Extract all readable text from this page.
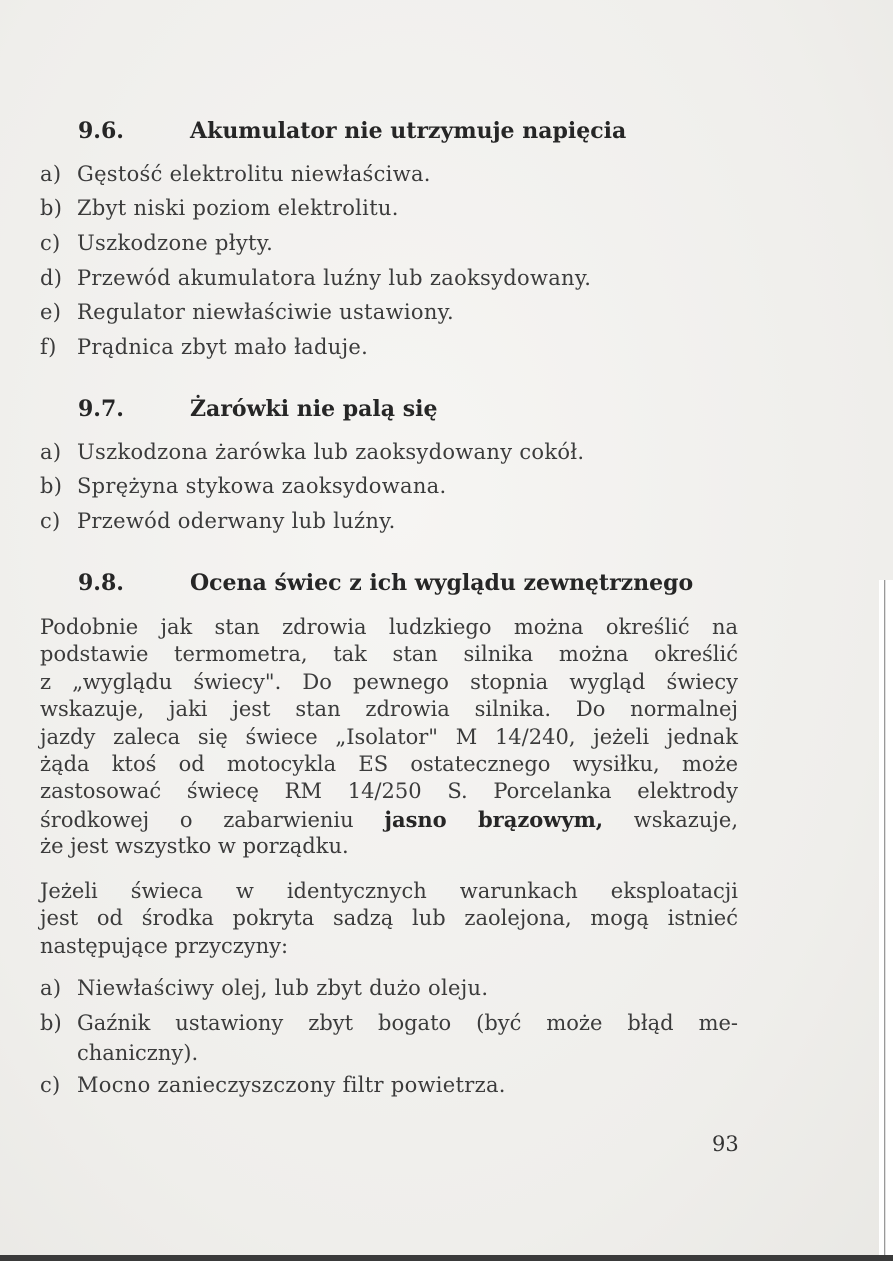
9.6.	Akumulator nie utrzymuje napięcia
a) Gęstość elektrolitu niewłaściwa.
b) Zbyt niski poziom elektrolitu.
c) Uszkodzone płyty.
d) Przewód akumulatora luźny lub zaoksydowany.
e) Regulator niewłaściwie ustawiony.
f) Prądnica zbyt mało ładuje.
9.7.	Żarówki nie palą się
a) Uszkodzona żarówka lub zaoksydowany cokół.
b) Sprężyna stykowa zaoksydowana.
c) Przewód oderwany lub luźny.
9.8.	Ocena świec z ich wyglądu zewnętrznego
Podobnie jak stan zdrowia ludzkiego można określić na
podstawie termometra, tak stan silnika można określić
z „wyglądu świecy". Do pewnego stopnia wygląd świecy
wskazuje, jaki jest stan zdrowia silnika. Do normalnej
jazdy zaleca się świece „Isolator" M 14/240, jeżeli jednak
żąda ktoś od motocykla ES ostatecznego wysiłku, może
zastosować świecę RM 14/250 S. Porcelanka elektrody
środkowej o zabarwieniu jasno brązowym, wskazuje,
że jest wszystko w porządku.
Jeżeli świeca w identycznych warunkach eksploatacji
jest od środka pokryta sadzą lub zaolejona, mogą istnieć
następujące przyczyny:
a) Niewłaściwy olej, lub zbyt dużo oleju.
b) Gaźnik ustawiony zbyt bogato (być może błąd me-
chaniczny).
c) Mocno zanieczyszczony filtr powietrza.
93
